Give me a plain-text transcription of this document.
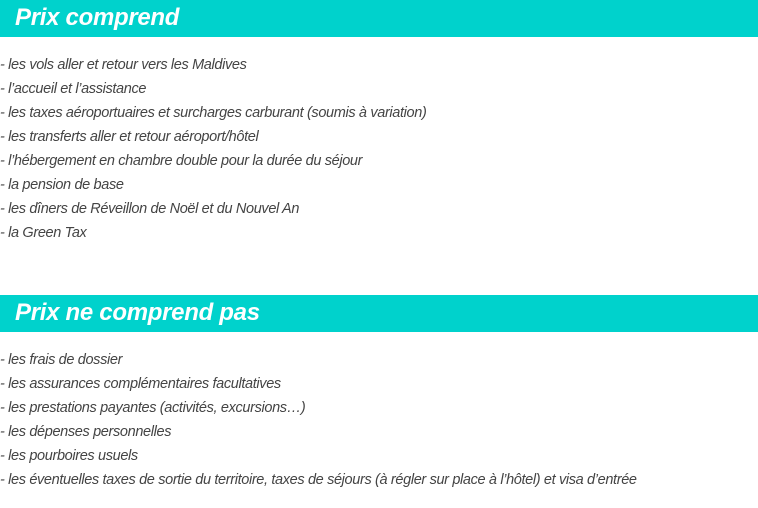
Prix comprend
- les vols aller et retour vers les Maldives
- l’accueil et l’assistance
- les taxes aéroportuaires et surcharges carburant (soumis à variation)
- les transferts aller et retour aéroport/hôtel
- l’hébergement en chambre double pour la durée du séjour
- la pension de base
- les dîners de Réveillon de Noël et du Nouvel An
- la Green Tax
Prix ne comprend pas
- les frais de dossier
- les assurances complémentaires facultatives
- les prestations payantes (activités, excursions…)
- les dépenses personnelles
- les pourboires usuels
- les éventuelles taxes de sortie du territoire, taxes de séjours (à régler sur place à l’hôtel) et visa d’entrée
